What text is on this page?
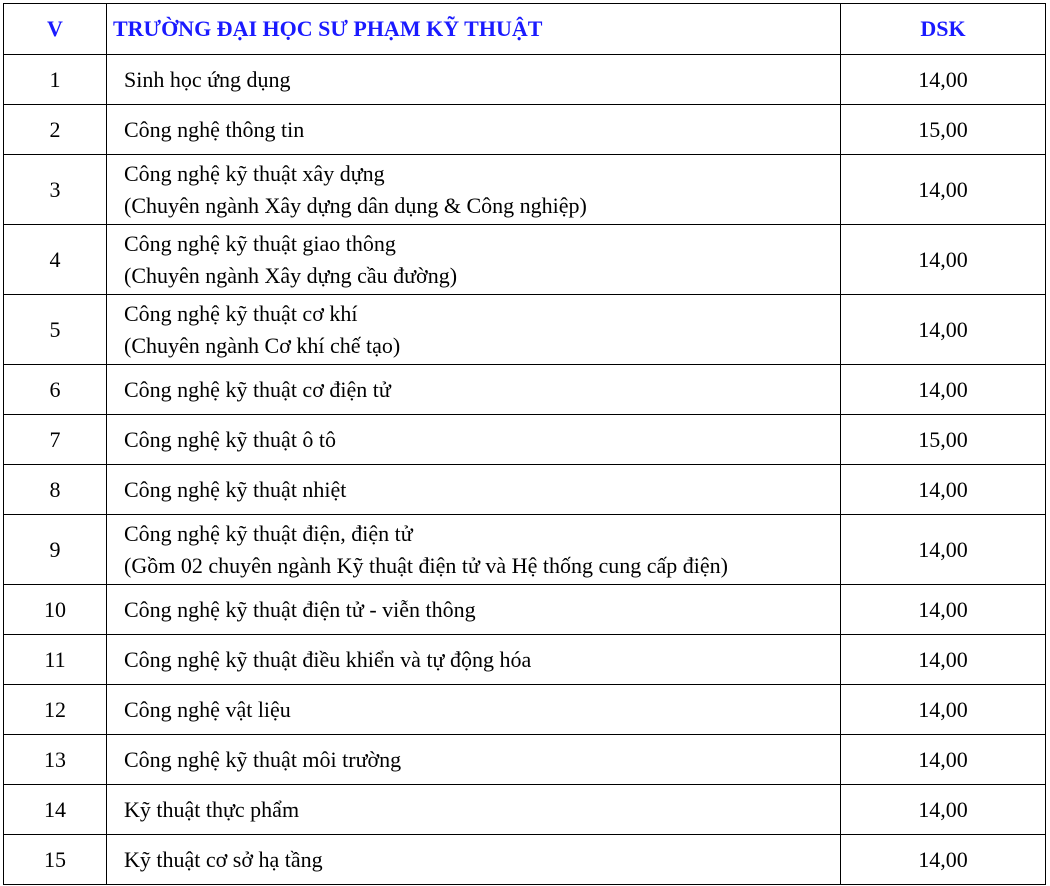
V	TRƯỜNG ĐẠI HỌC SƯ PHẠM KỸ THUẬT	DSK
1	Sinh học ứng dụng	14,00
2	Công nghệ thông tin	15,00
3	Công nghệ kỹ thuật xây dựng
(Chuyên ngành Xây dựng dân dụng & Công nghiệp)	14,00
4	Công nghệ kỹ thuật giao thông
(Chuyên ngành Xây dựng cầu đường)	14,00
5	Công nghệ kỹ thuật cơ khí
(Chuyên ngành Cơ khí chế tạo)	14,00
6	Công nghệ kỹ thuật cơ điện tử	14,00
7	Công nghệ kỹ thuật ô tô	15,00
8	Công nghệ kỹ thuật nhiệt	14,00
9	Công nghệ kỹ thuật điện, điện tử
(Gồm 02 chuyên ngành Kỹ thuật điện tử và Hệ thống cung cấp điện)	14,00
10	Công nghệ kỹ thuật điện tử - viễn thông	14,00
11	Công nghệ kỹ thuật điều khiển và tự động hóa	14,00
12	Công nghệ vật liệu	14,00
13	Công nghệ kỹ thuật môi trường	14,00
14	Kỹ thuật thực phẩm	14,00
15	Kỹ thuật cơ sở hạ tầng	14,00
